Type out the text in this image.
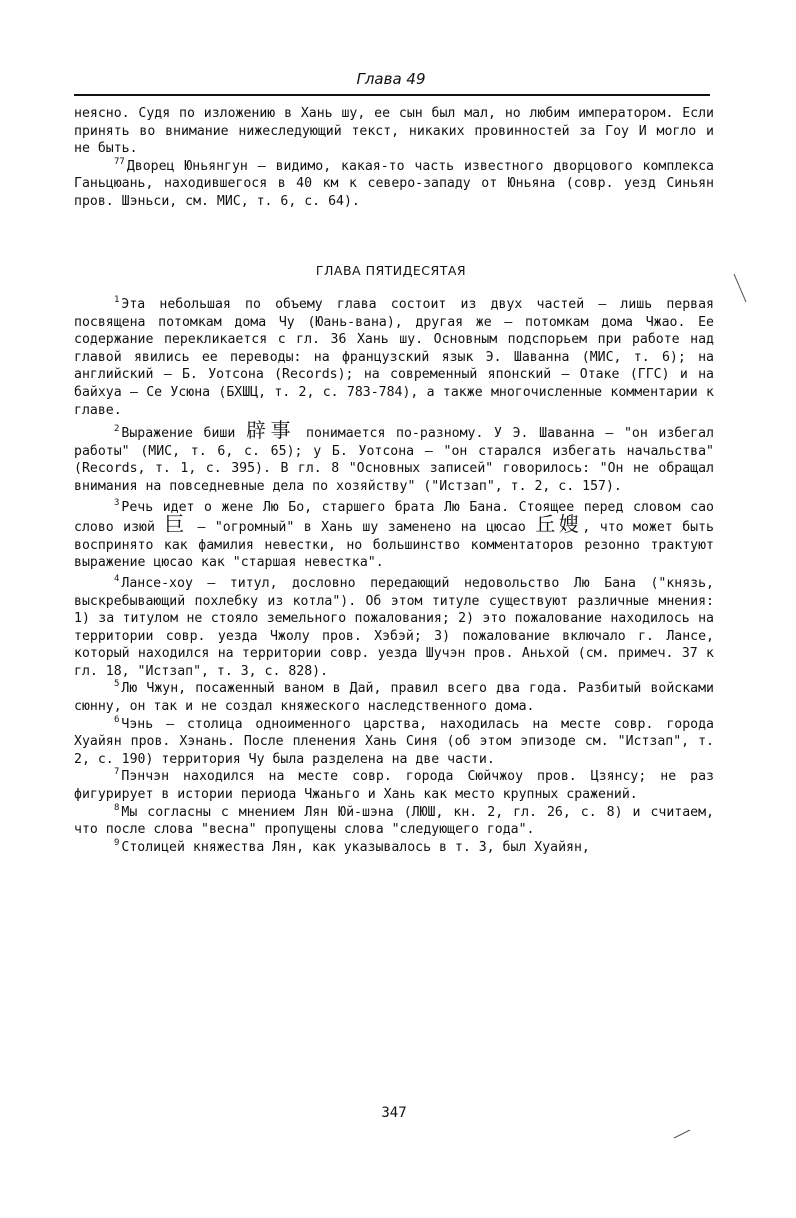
Глава 49

неясно. Судя по изложению в Хань шу, ее сын был мал, но любим императором. Если принять во внимание нижеследующий текст, никаких провинностей за Гоу И могло и не быть.

$^{77}$ Дворец Юньянгун — видимо, какая-то часть известного дворцового комплекса Ганьцюань, находившегося в 40 км к северо-западу от Юньяна (совр. уезд Синьян пров. Шэньси, см. МИС, т. 6, с. 64).

ГЛАВА ПЯТИДЕСЯТАЯ

$^1$ Эта небольшая по объему глава состоит из двух частей — лишь первая посвящена потомкам дома Чу (Юань-вана), другая же — потомкам дома Чжао. Ее содержание перекликается с гл. 36 Хань шу. Основным подспорьем при работе над главой явились ее переводы: на французский язык Э. Шаванна (МИС, т. 6); на английский — Б. Уотсона (Records); на современный японский — Отаке (ГГС) и на байхуа — Се Усюна (БХШЦ, т. 2, с. 783-784), а также многочисленные комментарии к главе.

$^2$ Выражение биши 辟事 понимается по-разному. У Э. Шаванна — "он избегал работы" (МИС, т. 6, с. 65); у Б. Уотсона — "он старался избегать начальства" (Records, т. 1, с. 395). В гл. 8 "Основных записей" говорилось: "Он не обращал внимания на повседневные дела по хозяйству" ("Истзап", т. 2, с. 157).

$^3$ Речь идет о жене Лю Бо, старшего брата Лю Бана. Стоящее перед словом сао слово изюй 巨 — "огромный" в Хань шу заменено на цюсао 丘嫂, что может быть воспринято как фамилия невестки, но большинство комментаторов резонно трактуют выражение цюсао как "старшая невестка".

$^4$ Лансе-хоу — титул, дословно передающий недовольство Лю Бана ("князь, выскребывающий похлебку из котла"). Об этом титуле существуют различные мнения: 1) за титулом не стояло земельного пожалования; 2) это пожалование находилось на территории совр. уезда Чжолу пров. Хэбэй; 3) пожалование включало г. Лансе, который находился на территории совр. уезда Шучэн пров. Аньхой (см. примеч. 37 к гл. 18, "Истзап", т. 3, с. 828).

$^5$ Лю Чжун, посаженный ваном в Дай, правил всего два года. Разбитый войсками сюнну, он так и не создал княжеского наследственного дома.

$^6$ Чэнь — столица одноименного царства, находилась на месте совр. города Хуайян пров. Хэнань. После пленения Хань Синя (об этом эпизоде см. "Истзап", т. 2, с. 190) территория Чу была разделена на две части.

$^7$ Пэнчэн находился на месте совр. города Сюйчжоу пров. Цзянсу; не раз фигурирует в истории периода Чжаньго и Хань как место крупных сражений.

$^8$ Мы согласны с мнением Лян Юй-шэна (ЛЮШ, кн. 2, гл. 26, с. 8) и считаем, что после слова "весна" пропущены слова "следующего года".

$^9$ Столицей княжества Лян, как указывалось в т. 3, был Хуайян,

347
